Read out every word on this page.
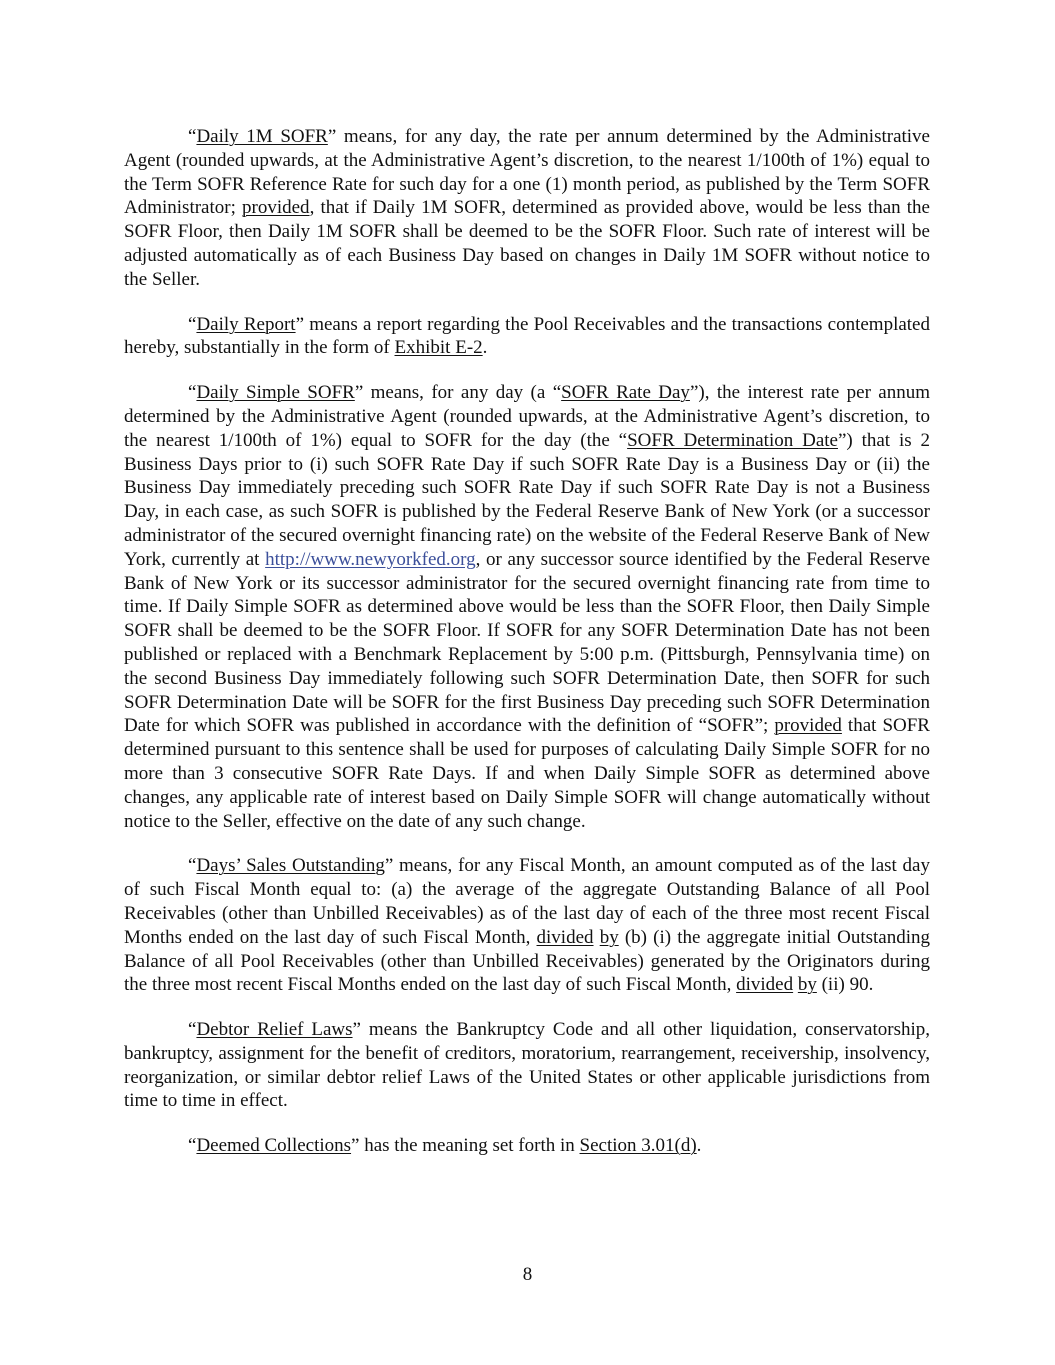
“Daily 1M SOFR” means, for any day, the rate per annum determined by the Administrative Agent (rounded upwards, at the Administrative Agent’s discretion, to the nearest 1/100th of 1%) equal to the Term SOFR Reference Rate for such day for a one (1) month period, as published by the Term SOFR Administrator; provided, that if Daily 1M SOFR, determined as provided above, would be less than the SOFR Floor, then Daily 1M SOFR shall be deemed to be the SOFR Floor. Such rate of interest will be adjusted automatically as of each Business Day based on changes in Daily 1M SOFR without notice to the Seller.

“Daily Report” means a report regarding the Pool Receivables and the transactions contemplated hereby, substantially in the form of Exhibit E-2.

“Daily Simple SOFR” means, for any day (a “SOFR Rate Day”), the interest rate per annum determined by the Administrative Agent (rounded upwards, at the Administrative Agent’s discretion, to the nearest 1/100th of 1%) equal to SOFR for the day (the “SOFR Determination Date”) that is 2 Business Days prior to (i) such SOFR Rate Day if such SOFR Rate Day is a Business Day or (ii) the Business Day immediately preceding such SOFR Rate Day if such SOFR Rate Day is not a Business Day, in each case, as such SOFR is published by the Federal Reserve Bank of New York (or a successor administrator of the secured overnight financing rate) on the website of the Federal Reserve Bank of New York, currently at http://www.newyorkfed.org, or any successor source identified by the Federal Reserve Bank of New York or its successor administrator for the secured overnight financing rate from time to time. If Daily Simple SOFR as determined above would be less than the SOFR Floor, then Daily Simple SOFR shall be deemed to be the SOFR Floor. If SOFR for any SOFR Determination Date has not been published or replaced with a Benchmark Replacement by 5:00 p.m. (Pittsburgh, Pennsylvania time) on the second Business Day immediately following such SOFR Determination Date, then SOFR for such SOFR Determination Date will be SOFR for the first Business Day preceding such SOFR Determination Date for which SOFR was published in accordance with the definition of “SOFR”; provided that SOFR determined pursuant to this sentence shall be used for purposes of calculating Daily Simple SOFR for no more than 3 consecutive SOFR Rate Days. If and when Daily Simple SOFR as determined above changes, any applicable rate of interest based on Daily Simple SOFR will change automatically without notice to the Seller, effective on the date of any such change.

“Days’ Sales Outstanding” means, for any Fiscal Month, an amount computed as of the last day of such Fiscal Month equal to: (a) the average of the aggregate Outstanding Balance of all Pool Receivables (other than Unbilled Receivables) as of the last day of each of the three most recent Fiscal Months ended on the last day of such Fiscal Month, divided by (b) (i) the aggregate initial Outstanding Balance of all Pool Receivables (other than Unbilled Receivables) generated by the Originators during the three most recent Fiscal Months ended on the last day of such Fiscal Month, divided by (ii) 90.

“Debtor Relief Laws” means the Bankruptcy Code and all other liquidation, conservatorship, bankruptcy, assignment for the benefit of creditors, moratorium, rearrangement, receivership, insolvency, reorganization, or similar debtor relief Laws of the United States or other applicable jurisdictions from time to time in effect.

“Deemed Collections” has the meaning set forth in Section 3.01(d).

8
